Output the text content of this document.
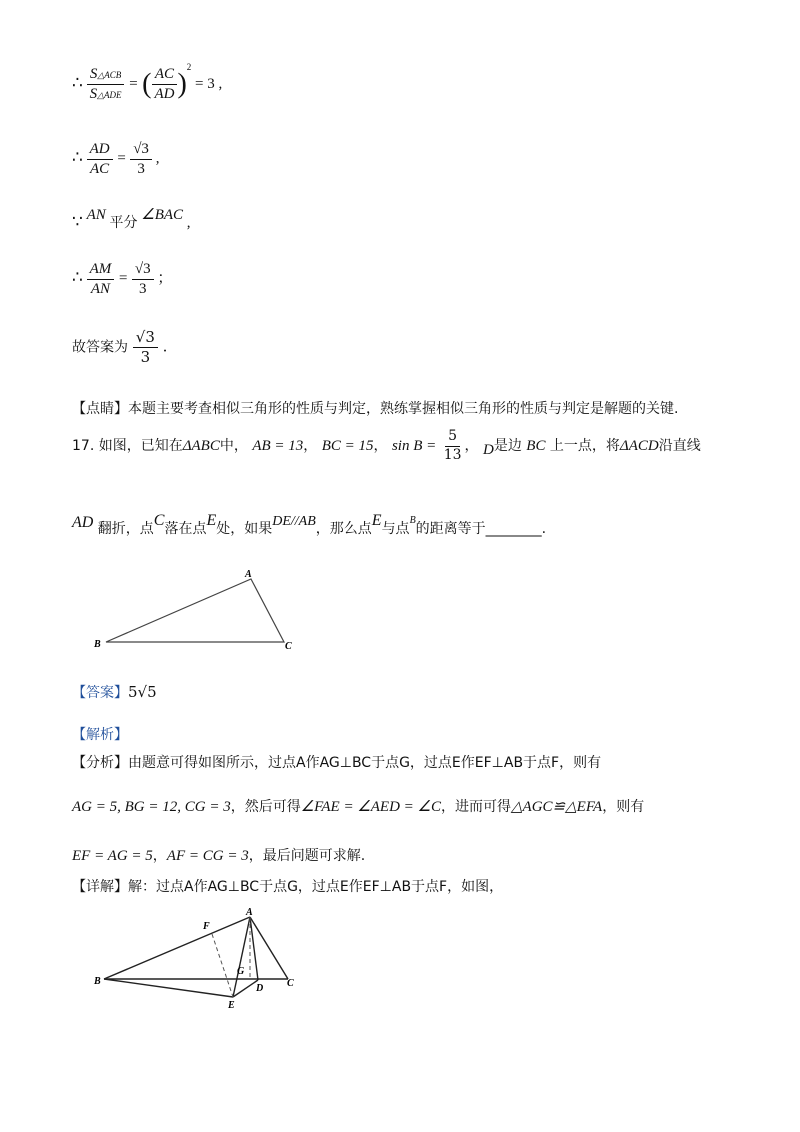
∴ $\frac{\text{S△ACB}}{\text{S△ADE}}$ = ( $\frac{AC}{AD} )^2 = 3$ ,
∴ $\frac{AD}{AC} = \frac{√3}{3}$ ,
∵ AN 平分 ∠BAC ,
∴ $\frac{AM}{AN} = \frac{√3}{3}$ ；
故答案为 $\frac{√3}{3}$ .
【点睛】本题主要考查相似三角形的性质与判定，熟练掌握相似三角形的性质与判定是解题的关键.
17. 如图，已知在ΔABC中， AB = 13， BC = 15， $\sin B = \frac{5}{13}$ ， D是边 BC 上一点，将ΔACD沿直线
AD 翻折，点C落在点E处，如果DE//AB，那么点E与点$^B$的距离等于________.
A
B	C
【答案】5√5
【解析】
【分析】由题意可得如图所示，过点A作AG⊥BC于点G，过点E作EF⊥AB于点F，则有
AG = 5, BG = 12, CG = 3，然后可得∠FAE = ∠AED = ∠C，进而可得△AGC≌△EFA，则有
EF = AG = 5，AF = CG = 3，最后问题可求解.
【详解】解：过点A作AG⊥BC于点G，过点E作EF⊥AB于点F，如图，
A
B	C
D
E
F
G
